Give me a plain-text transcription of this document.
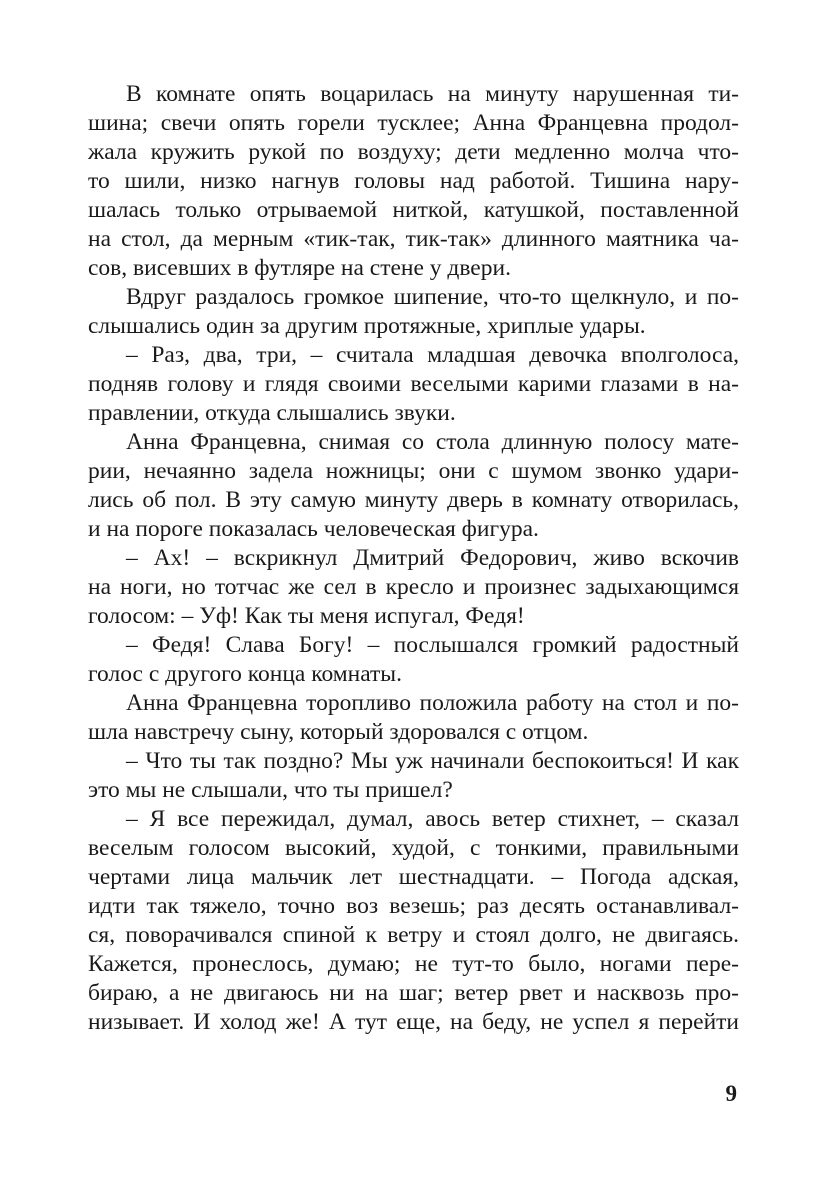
В комнате опять воцарилась на минуту нарушенная ти-
шина; свечи опять горели тусклее; Анна Францевна продол-
жала кружить рукой по воздуху; дети медленно молча что-
то шили, низко нагнув головы над работой. Тишина нару-
шалась только отрываемой ниткой, катушкой, поставленной
на стол, да мерным «тик-так, тик-так» длинного маятника ча-
сов, висевших в футляре на стене у двери.
Вдруг раздалось громкое шипение, что-то щелкнуло, и по-
слышались один за другим протяжные, хриплые удары.
– Раз, два, три, – считала младшая девочка вполголоса,
подняв голову и глядя своими веселыми карими глазами в на-
правлении, откуда слышались звуки.
Анна Францевна, снимая со стола длинную полосу мате-
рии, нечаянно задела ножницы; они с шумом звонко удари-
лись об пол. В эту самую минуту дверь в комнату отворилась,
и на пороге показалась человеческая фигура.
– Ах! – вскрикнул Дмитрий Федорович, живо вскочив
на ноги, но тотчас же сел в кресло и произнес задыхающимся
голосом: – Уф! Как ты меня испугал, Федя!
– Федя! Слава Богу! – послышался громкий радостный
голос с другого конца комнаты.
Анна Францевна торопливо положила работу на стол и по-
шла навстречу сыну, который здоровался с отцом.
– Что ты так поздно? Мы уж начинали беспокоиться! И как
это мы не слышали, что ты пришел?
– Я все пережидал, думал, авось ветер стихнет, – сказал
веселым голосом высокий, худой, с тонкими, правильными
чертами лица мальчик лет шестнадцати. – Погода адская,
идти так тяжело, точно воз везешь; раз десять останавливал-
ся, поворачивался спиной к ветру и стоял долго, не двигаясь.
Кажется, пронеслось, думаю; не тут-то было, ногами пере-
бираю, а не двигаюсь ни на шаг; ветер рвет и насквозь про-
низывает. И холод же! А тут еще, на беду, не успел я перейти
9
